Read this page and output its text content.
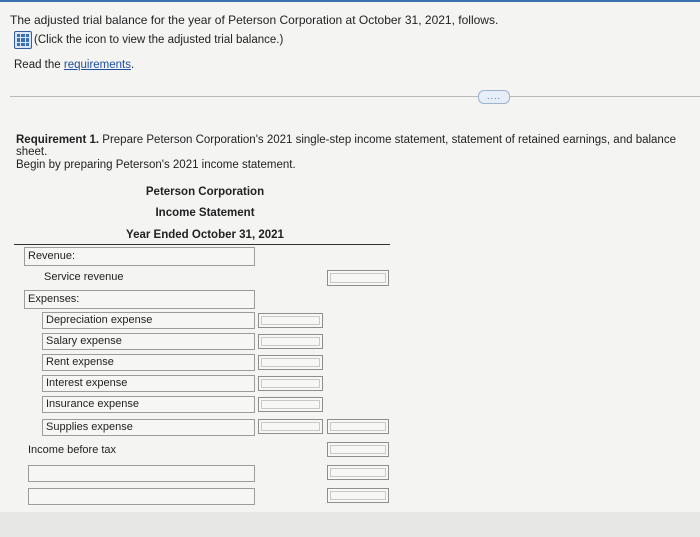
The adjusted trial balance for the year of Peterson Corporation at October 31, 2021, follows.
(Click the icon to view the adjusted trial balance.)
Read the requirements.
....
Requirement 1. Prepare Peterson Corporation's 2021 single-step income statement, statement of retained earnings, and balance sheet.
Begin by preparing Peterson's 2021 income statement.
Peterson Corporation
Income Statement
Year Ended October 31, 2021
Revenue:
Service revenue
Expenses:
Depreciation expense
Salary expense
Rent expense
Interest expense
Insurance expense
Supplies expense
Income before tax
